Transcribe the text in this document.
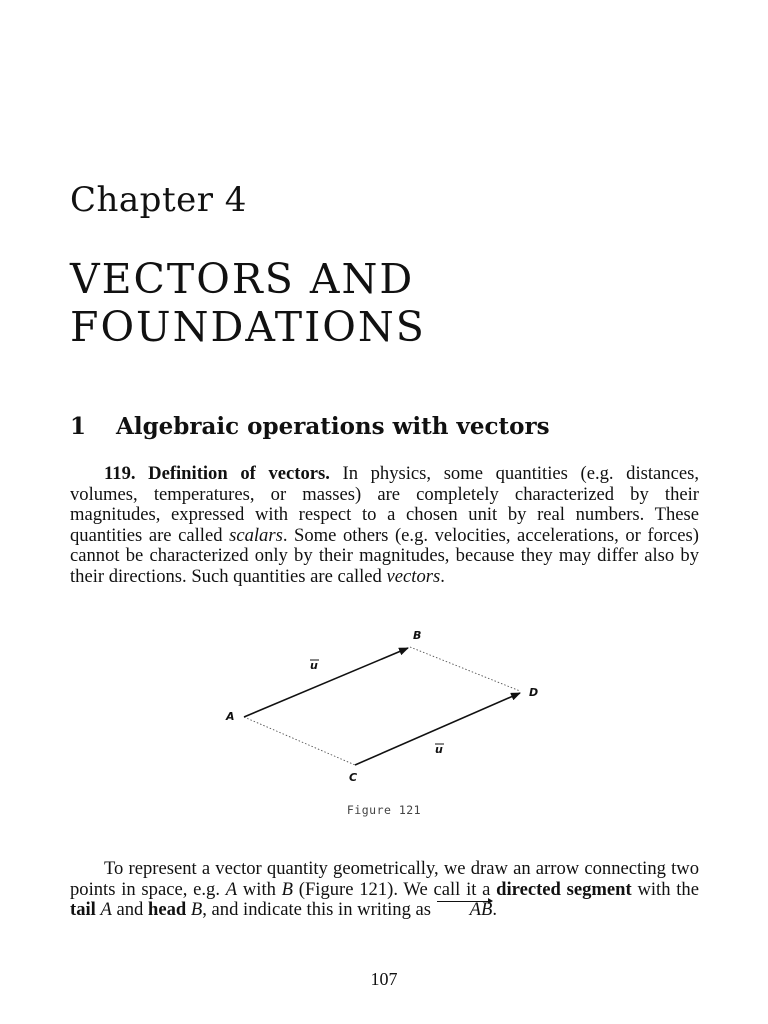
Chapter 4
VECTORS AND
FOUNDATIONS
1 Algebraic operations with vectors

119. Definition of vectors. In physics, some quantities (e.g. distances, volumes, temperatures, or masses) are completely characterized by their magnitudes, expressed with respect to a chosen unit by real numbers. These quantities are called scalars. Some others (e.g. velocities, accelerations, or forces) cannot be characterized only by their magnitudes, because they may differ also by their directions. Such quantities are called vectors.

A
B
C
D
u
u
Figure 121

To represent a vector quantity geometrically, we draw an arrow connecting two points in space, e.g. A with B (Figure 121). We call it a directed segment with the tail A and head B, and indicate this in writing as AB.

107
